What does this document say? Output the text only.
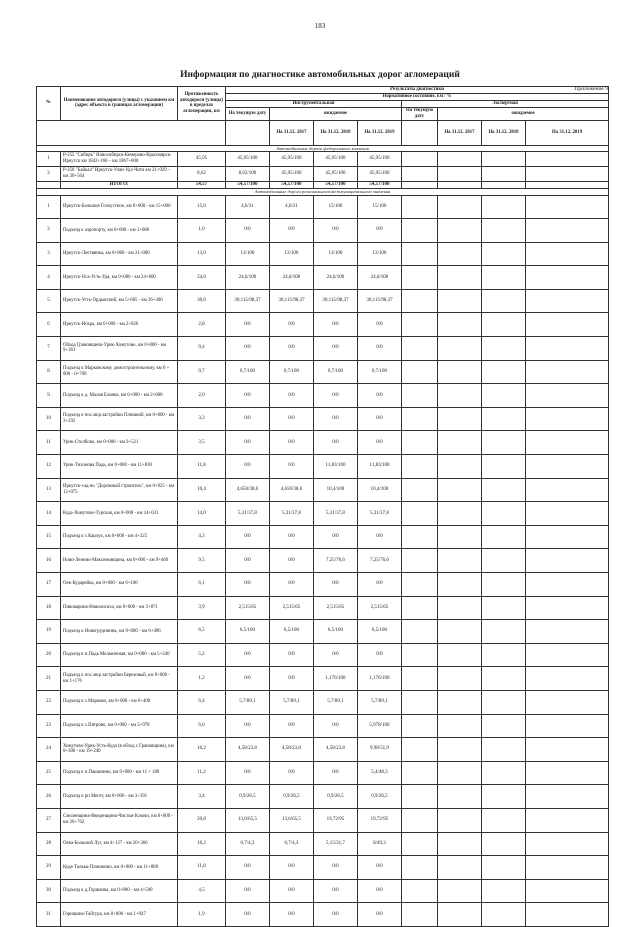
183
Приложение 9
Информация по диагностике автомобильных дорог агломераций
№	Наименование автодороги (улицы) с указанием км (адрес объекта в границах агломерации)	Протяженность автодороги (улицы) в пределах агломерации, км	Результаты диагностики							
			Нормативное состояние, км / %							
			Инструментальная				Экспертная			
			На текущую дату	ожидаемое			На текущую дату	ожидаемое		
				На 31.12. 2017	На 31.12. 2018	На 31.12. 2019		На 31.12. 2017	На 31.12. 2018	На 31.12. 2019
Автомобильные дороги федерального значения										
1	Р-255 "Сибирь" Новосибирск-Кемерово-Красноярск-Иркутск км 1842+160 – км 1867+000	45,95	45,95/100	45,95/100	45,95/100	45,95/100				
2	Р-258 "Байкал" Иркутск-Улан-Удэ-Чита км 21+929 – км 30+564	8,62	8,62/100	45,95/100	45,95/100	45,95/100				
	ИТОГО:	54,57	54,57/100	54,57/100	54,57/100	54,57/100				
Автомобильные дороги регионального/межмуниципального значения										
1	Иркутск-Большое Голоустное, км 0+000 - км 15+000	15,0	4,6/31	4,6/31	15/100	15/100				
2	Подъезд к аэропорту, км 0+000 - км 1+086	1,0	0/0	0/0	0/0	0/0				
3	Иркутск-Листвянка, км 8+000 - км 21+000	13,0	13/100	13/100	13/100	13/100				
4	Иркутск-Оса-Усть-Уда, км 0+000 - км 24+600	24,6	24,6/100	24,6/100	24,6/100	24,6/100				
5	Иркутск-Усть-Ордынский, км 5+685 - км 36+300	30,6	30,115/98,37	30,115/98,37	30,115/98,37	30,115/98,37				
6	Иркутск-Искра, км 0+000 - км 2+826	2,8	0/0	0/0	0/0	0/0				
7	Обход Грановщина-Урик-Хомутово, км 0+000 - км 9+361	9,4	0/0	0/0	0/0	0/0				
8	Подъезд к Марковскому домостроительному, км 0 + 000 - 0+700	0,7	0,7/100	0,7/100	0,7/100	0,7/100				
9	Подъезд к д. Малая Еланка, км 0+000 - км 2+000	2,0	0/0	0/0	0/0	0/0				
10	Подъезд к пос.мкр.застройки Плишкий, км 0+000 - км 3+292	3,3	0/0	0/0	0/0	0/0				
11	Урик-Столбово, км 0+000 - км 3+521	3,5	0/0	0/0	0/0	0/0				
12	Урик-Тихонова Падь, км 0+000 - км 11+830	11,8	0/0	0/0	11,83/100	11,83/100				
13	Иркутск-сад-во "Дорожный строитель", км 0+925 - км 12+075	10,4	4,650/38,6	4,650/38,6	10,4/100	10,4/100				
14	Куда-Хомутово-Турская, км 0+000 - км 14+031	14,0	5,31/37,8	5,31/37,8	5,31/37,8	5,31/37,8				
15	Подъезд к с.Карлук, км 0+000 - км 4+325	4,3	0/0	0/0	0/0	0/0				
16	Ново-Ленино-Максимовщина, км 0+000 - км 9+460	9,5	0/0	0/0	7,25/76,6	7,25/76,6				
17	Оек-Кударейка, км 0+000 - км 6+100	6,1	0/0	0/0	0/0	0/0				
18	Пивоварина-Новолисиха, км 0+000 - км 3+871	3,9	2,515/65	2,515/65	2,515/65	2,515/65				
19	Подъезд к Новогрудинина, км 0+000 - км 6+496	6,5	6,5/100	6,5/100	6,5/100	6,5/100				
20	Подъезд к п.Падь Мельничная, км 0+000 - км 5+240	5,2	0/0	0/0	0/0	0/0				
21	Подъезд к пос.мкр.застройки Березовый, км 0+000 - км 1+176	1,2	0/0	0/0	1,176/100	1,176/100				
22	Подъезд к с.Марково, км 0+000 - км 6+400	6,4	5,7/89,1	5,7/89,1	5,7/89,1	5,7/89,1				
23	Подъезд к с.Пятрово, км 0+000 - км 5+978	6,0	0/0	0/0	0/0	5,978/100				
24	Хомутово-Урик-Усть-Куда (в обход с.Грановщина), км 0+300 - км 19+240	10,2	4,58/23,8	4,58/23,8	4,58/23,8	9,98/51,9				
25	Подъезд к п.Пашинино, км 0+000 - км 11 + 180	11,2	0/0	0/0	0/0	5,4/48,3				
26	Подъезд к рп Мегет, км 0+000 - км 3+391	3,4	0,9/26,5	0,9/26,5	0,9/26,5	0,9/26,5				
27	Смоленщина-Введенщина-Чистые Ключи, км 0+000 - км 20+762	20,8	13,6/65,5	13,6/65,5	19,72/95	19,72/95				
28	Оека-Большой Луг, км 4+127 - км 20+366	16,2	0,7/4,3	0,7/4,3	5,15/31,7	8/49,3				
29	Куда-Талька-Плишкино, км 0+000 - км 11+808	11,8	0/0	0/0	0/0	0/0				
30	Подъезд к д.Горшанка, км 0+000 - км 4+500	4,5	0/0	0/0	0/0	0/0				
31	Горищина-Тайтура, км 0+000 - км 1+947	1,9	0/0	0/0	0/0	0/0				
